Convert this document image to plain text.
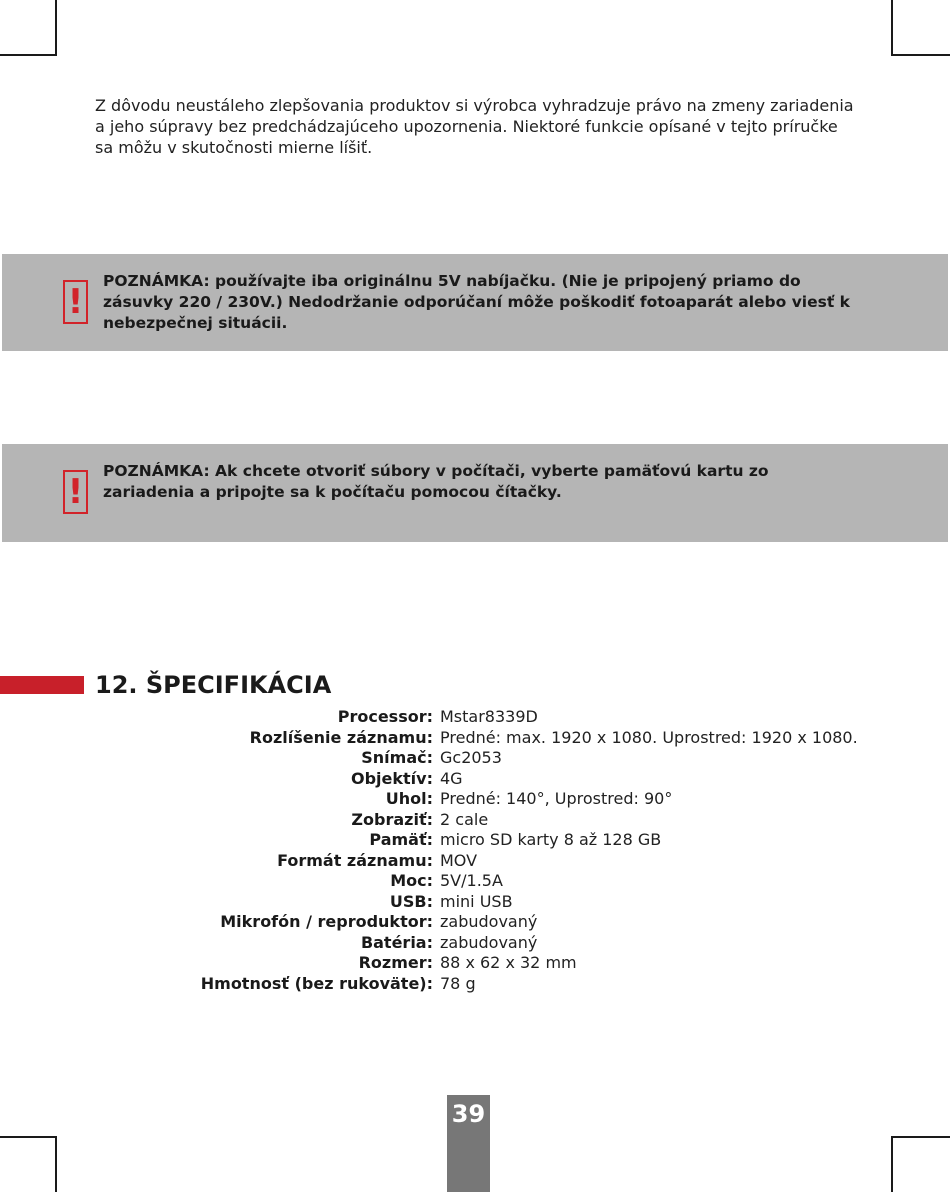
Z dôvodu neustáleho zlepšovania produktov si výrobca vyhradzuje právo na zmeny zariadenia a jeho súpravy bez predchádzajúceho upozornenia. Niektoré funkcie opísané v tejto príručke sa môžu v skutočnosti mierne líšiť.
!
POZNÁMKA: používajte iba originálnu 5V nabíjačku. (Nie je pripojený priamo do zásuvky 220 / 230V.) Nedodržanie odporúčaní môže poškodiť fotoaparát alebo viesť k nebezpečnej situácii.
!
POZNÁMKA: Ak chcete otvoriť súbory v počítači, vyberte pamäťovú kartu zo zariadenia a pripojte sa k počítaču pomocou čítačky.
12. ŠPECIFIKÁCIA
Processor: Mstar8339D
Rozlíšenie záznamu: Predné: max. 1920 x 1080. Uprostred: 1920 x 1080.
Snímač: Gc2053
Objektív: 4G
Uhol: Predné: 140°, Uprostred: 90°
Zobraziť: 2 cale
Pamäť: micro SD karty 8 až 128 GB
Formát záznamu: MOV
Moc: 5V/1.5A
USB: mini USB
Mikrofón / reproduktor: zabudovaný
Batéria: zabudovaný
Rozmer: 88 x 62 x 32 mm
Hmotnosť (bez rukoväte): 78 g
39
